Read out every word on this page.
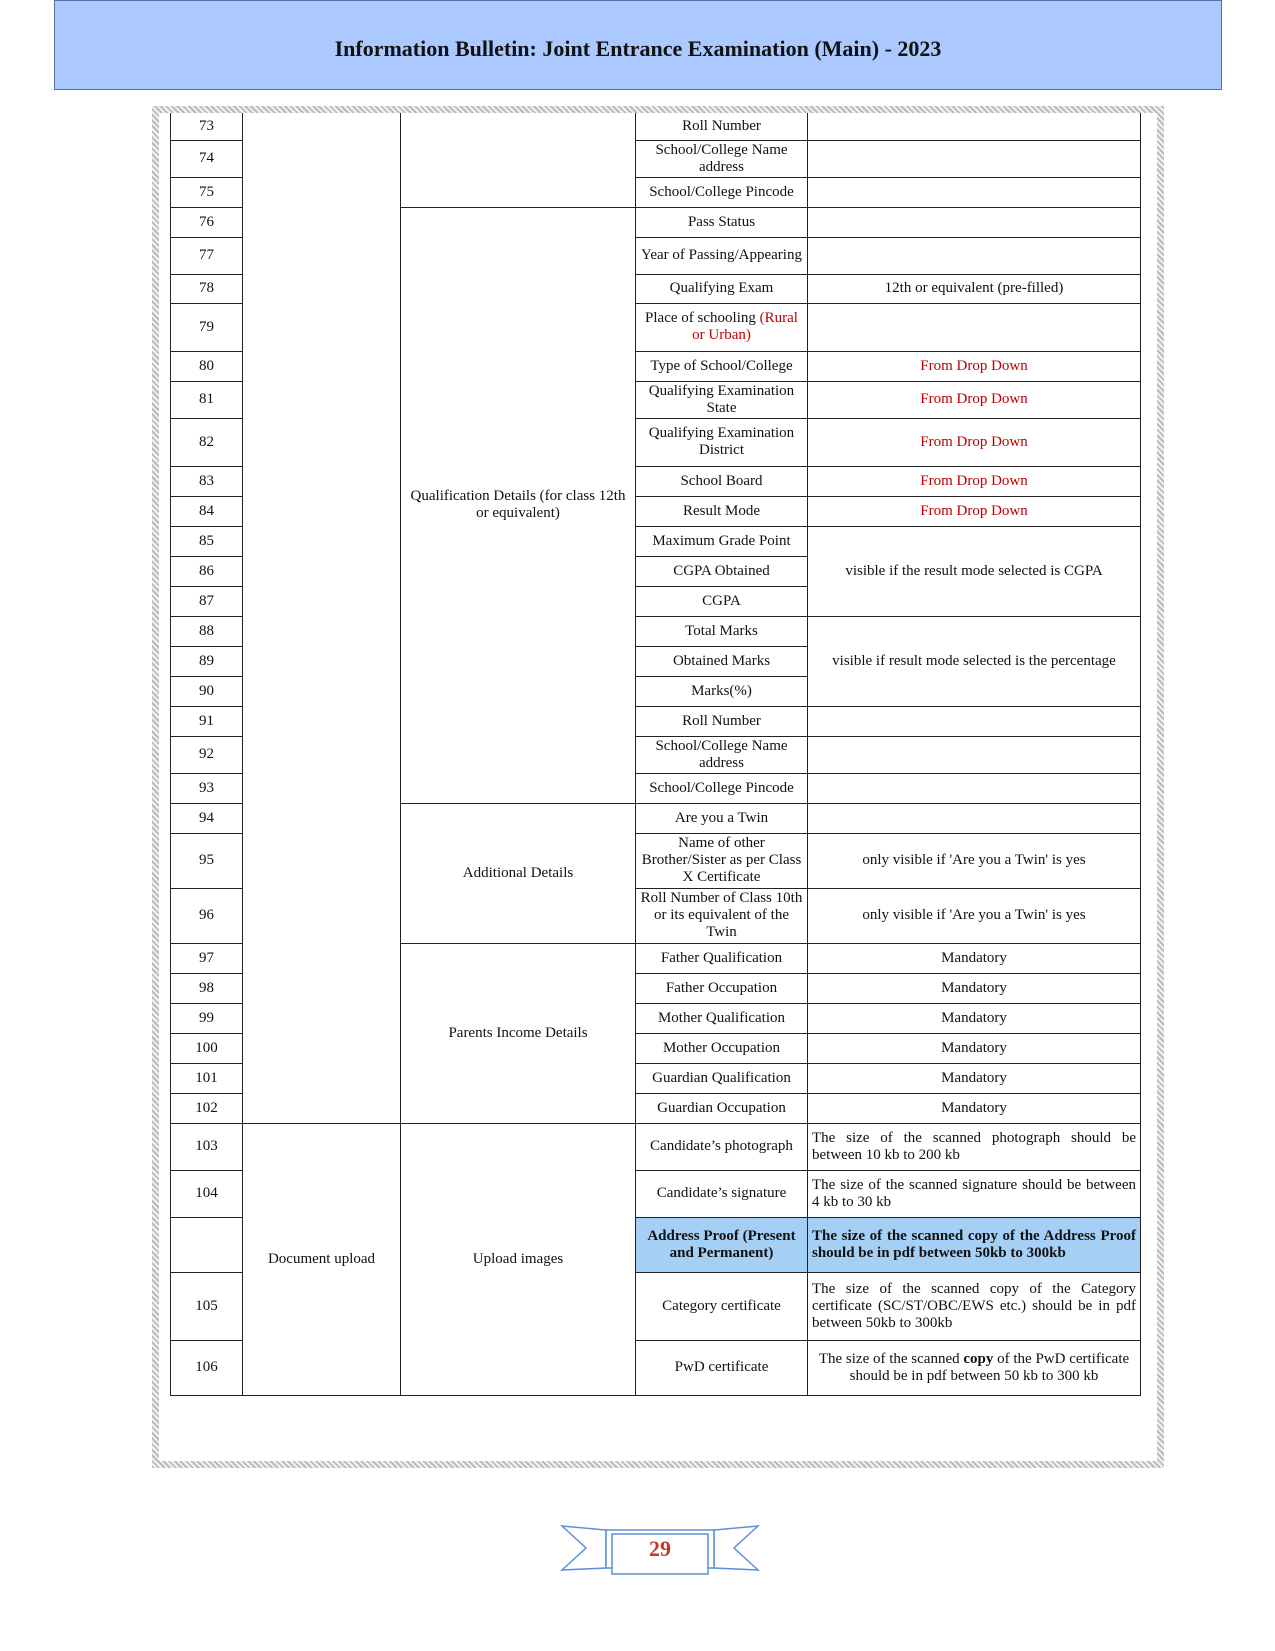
Information Bulletin: Joint Entrance Examination (Main) - 2023
73			Roll Number	
74			School/College Name address	
75			School/College Pincode	
76		Qualification Details (for class 12th or equivalent)	Pass Status	
77			Year of Passing/Appearing	
78			Qualifying Exam	12th or equivalent (pre-filled)
79			Place of schooling (Rural or Urban)	
80			Type of School/College	From Drop Down
81			Qualifying Examination State	From Drop Down
82			Qualifying Examination District	From Drop Down
83			School Board	From Drop Down
84			Result Mode	From Drop Down
85			Maximum Grade Point	visible if the result mode selected is CGPA
86			CGPA Obtained	
87			CGPA	
88			Total Marks	visible if result mode selected is the percentage
89			Obtained Marks	
90			Marks(%)	
91			Roll Number	
92			School/College Name address	
93			School/College Pincode	
94		Additional Details	Are you a Twin	
95			Name of other Brother/Sister as per Class X Certificate	only visible if 'Are you a Twin' is yes
96			Roll Number of Class 10th or its equivalent of the Twin	only visible if 'Are you a Twin' is yes
97		Parents Income Details	Father Qualification	Mandatory
98			Father Occupation	Mandatory
99			Mother Qualification	Mandatory
100			Mother Occupation	Mandatory
101			Guardian Qualification	Mandatory
102			Guardian Occupation	Mandatory
103	Document upload	Upload images	Candidate’s photograph	The size of the scanned photograph should be between 10 kb to 200 kb
104			Candidate’s signature	The size of the scanned signature should be between 4 kb to 30 kb
			Address Proof (Present and Permanent)	The size of the scanned copy of the Address Proof should be in pdf between 50kb to 300kb
105			Category certificate	The size of the scanned copy of the Category certificate (SC/ST/OBC/EWS etc.) should be in pdf between 50kb to 300kb
106			PwD certificate	The size of the scanned copy of the PwD certificate should be in pdf between 50 kb to 300 kb
29
